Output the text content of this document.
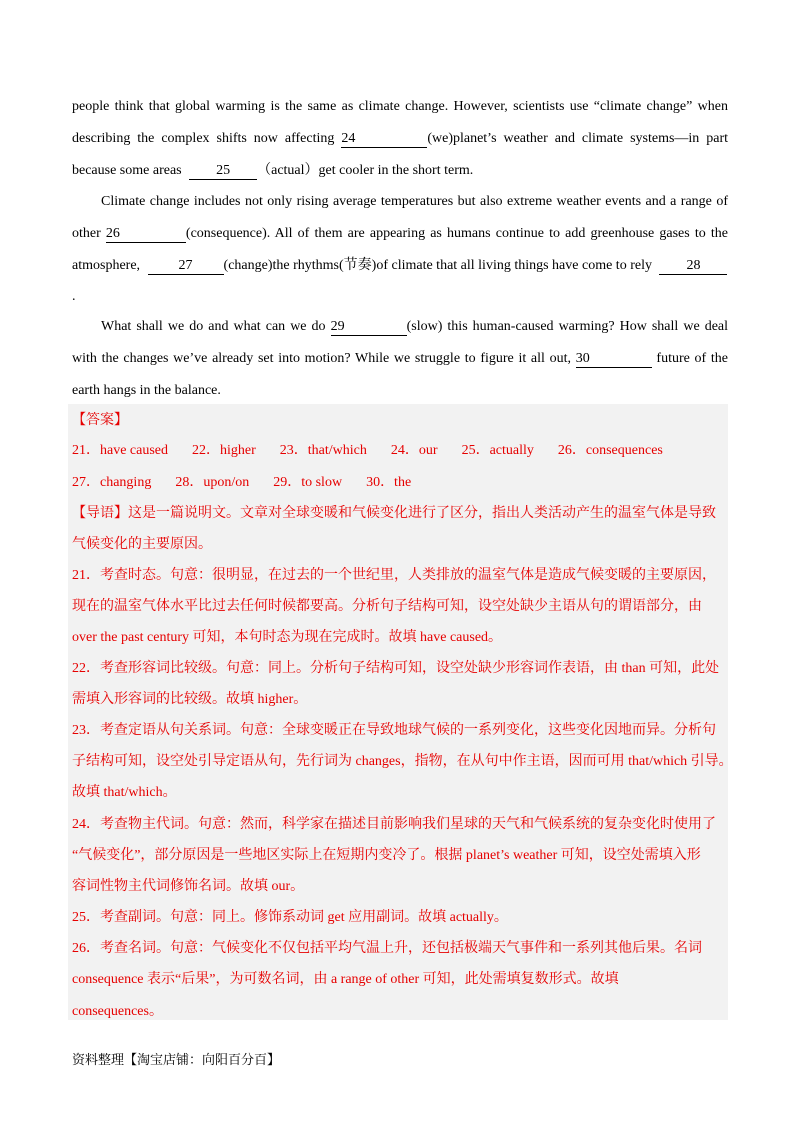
people think that global warming is the same as climate change. However, scientists use “climate change” when
describing the complex shifts now affecting 24	(we)planet’s weather and climate systems—in part
because some areas 25 （actual）get cooler in the short term.
Climate change includes not only rising average temperatures but also extreme weather events and a range of
other 26	(consequence). All of them are appearing as humans continue to add greenhouse gases to the
atmosphere,	27 (change)the rhythms(节奏)of climate that all living things have come to rely 28
.
What shall we do and what can we do 29	(slow) this human-caused warming? How shall we deal
with the changes we’ve already set into motion? While we struggle to figure it all out, 30	future of the
earth hangs in the balance.
【答案】
21．have caused 22．higher 23．that/which 24．our 25．actually 26．consequences
27．changing 28．upon/on 29．to slow 30．the
【导语】这是一篇说明文。文章对全球变暖和气候变化进行了区分，指出人类活动产生的温室气体是导致
气候变化的主要原因。
21．考查时态。句意：很明显，在过去的一个世纪里，人类排放的温室气体是造成气候变暖的主要原因，
现在的温室气体水平比过去任何时候都要高。分析句子结构可知，设空处缺少主语从句的谓语部分，由
over the past century 可知，本句时态为现在完成时。故填 have caused。
22．考查形容词比较级。句意：同上。分析句子结构可知，设空处缺少形容词作表语，由 than 可知，此处
需填入形容词的比较级。故填 higher。
23．考查定语从句关系词。句意：全球变暖正在导致地球气候的一系列变化，这些变化因地而异。分析句
子结构可知，设空处引导定语从句，先行词为 changes，指物，在从句中作主语，因而可用 that/which 引导。
故填 that/which。
24．考查物主代词。句意：然而，科学家在描述目前影响我们星球的天气和气候系统的复杂变化时使用了
“气候变化”，部分原因是一些地区实际上在短期内变冷了。根据 planet’s weather 可知，设空处需填入形
容词性物主代词修饰名词。故填 our。
25．考查副词。句意：同上。修饰系动词 get 应用副词。故填 actually。
26．考查名词。句意：气候变化不仅包括平均气温上升，还包括极端天气事件和一系列其他后果。名词
consequence 表示“后果”，为可数名词，由 a range of other 可知，此处需填复数形式。故填
consequences。
资料整理【淘宝店铺：向阳百分百】
